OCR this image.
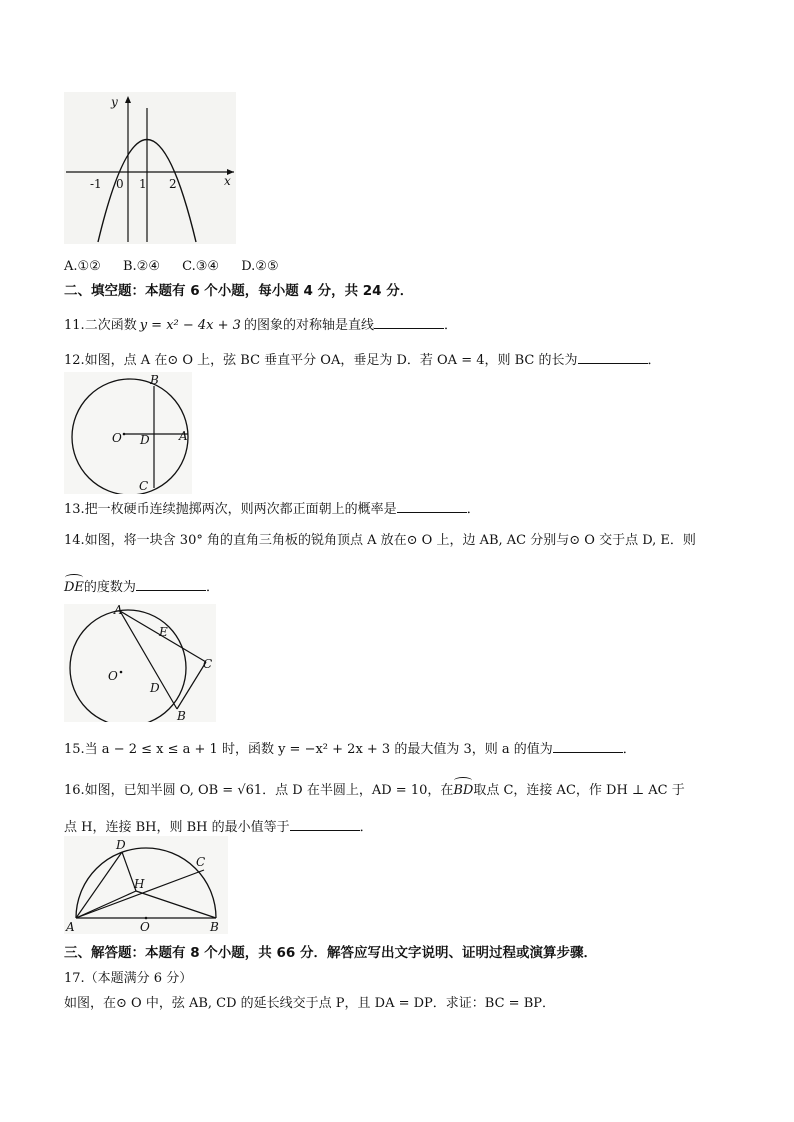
y
x
-1 0 1 2
A.①② B.②④ C.③④ D.②⑤
二、填空题：本题有 6 个小题，每小题 4 分，共 24 分．
11.二次函数 y = x² − 4x + 3 的图象的对称轴是直线	．
12.如图，点 A 在⊙ O 上，弦 BC 垂直平分 OA，垂足为 D．若 OA = 4，则 BC 的长为	．
B
O D A
C
13.把一枚硬币连续抛掷两次，则两次都正面朝上的概率是	．
14.如图，将一块含 30° 角的直角三角板的锐角顶点 A 放在⊙ O 上，边 AB, AC 分别与⊙ O 交于点 D, E．则
DE的度数为	．
A
E
C
O
D
B
15.当 a − 2 ≤ x ≤ a + 1 时，函数 y = −x² + 2x + 3 的最大值为 3，则 a 的值为	．
16.如图，已知半圆 O, OB = √61．点 D 在半圆上，AD = 10，在BD取点 C，连接 AC，作 DH ⊥ AC 于
点 H，连接 BH，则 BH 的最小值等于	．
D
C
H
A	O	B
三、解答题：本题有 8 个小题，共 66 分．解答应写出文字说明、证明过程或演算步骤．
17.（本题满分 6 分）
如图，在⊙ O 中，弦 AB, CD 的延长线交于点 P，且 DA = DP．求证：BC = BP．
